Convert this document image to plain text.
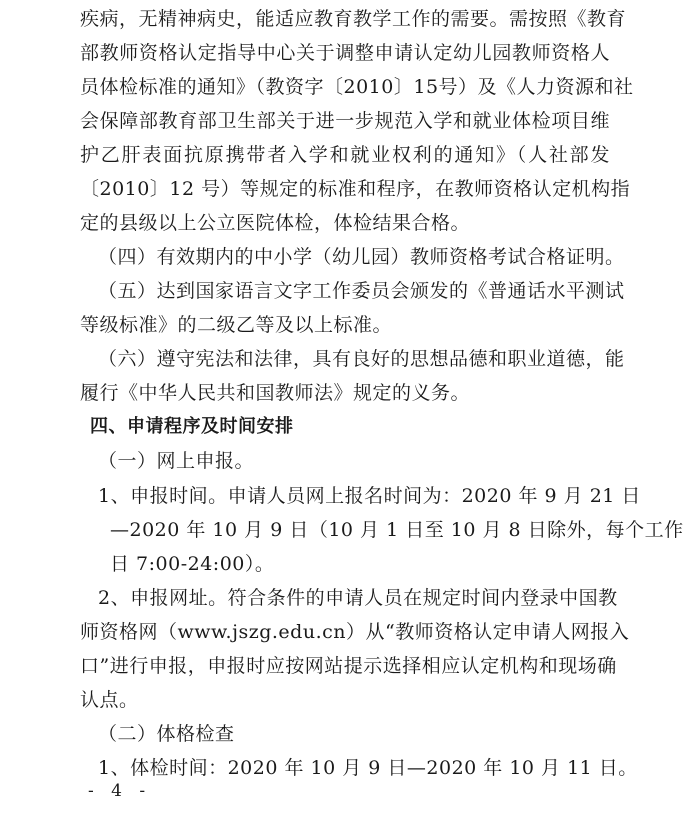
疾病，无精神病史，能适应教育教学工作的需要。需按照《教育
部教师资格认定指导中心关于调整申请认定幼儿园教师资格人
员体检标准的通知》（教资字〔2010〕15号）及《人力资源和社
会保障部教育部卫生部关于进一步规范入学和就业体检项目维
护乙肝表面抗原携带者入学和就业权利的通知》（人社部发
〔2010〕12 号）等规定的标准和程序，在教师资格认定机构指
定的县级以上公立医院体检，体检结果合格。
（四）有效期内的中小学（幼儿园）教师资格考试合格证明。
（五）达到国家语言文字工作委员会颁发的《普通话水平测试
等级标准》的二级乙等及以上标准。
（六）遵守宪法和法律，具有良好的思想品德和职业道德，能
履行《中华人民共和国教师法》规定的义务。
四、申请程序及时间安排
（一）网上申报。
1、申报时间。申请人员网上报名时间为：2020 年 9 月 21 日
—2020 年 10 月 9 日（10 月 1 日至 10 月 8 日除外，每个工作
日 7:00-24:00）。
2、申报网址。符合条件的申请人员在规定时间内登录中国教
师资格网（www.jszg.edu.cn）从“教师资格认定申请人网报入
口”进行申报，申报时应按网站提示选择相应认定机构和现场确
认点。
（二）体格检查
1、体检时间：2020 年 10 月 9 日—2020 年 10 月 11 日。
- 4 -
